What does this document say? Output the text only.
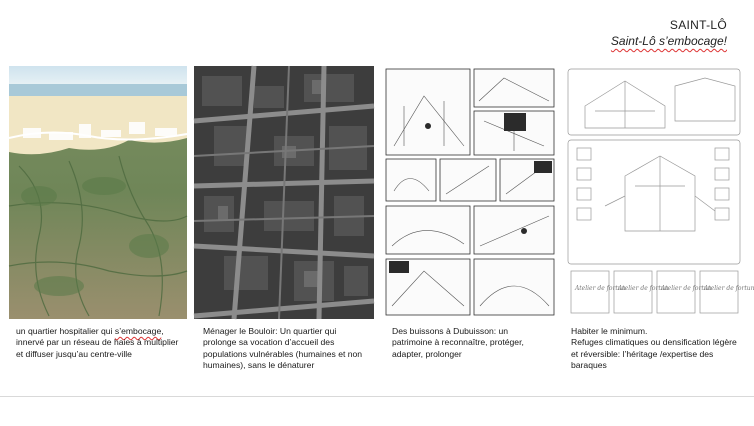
SAINT-LÔ
Saint-Lô s’embocage!
Atelier de fortun
Atelier de fortun
Atelier de fortun
Atelier de fortun
un quartier hospitalier qui s’embocage, innervé par un réseau de haies à multiplier et diffuser jusqu’au centre-ville
Ménager le Bouloir: Un quartier qui prolonge sa vocation d’accueil des populations vulnérables (humaines et non humaines), sans le dénaturer
Des buissons à Dubuisson: un patrimoine à reconnaître, protéger, adapter, prolonger
Habiter le minimum.
Refuges climatiques ou densification légère et réversible: l’héritage /expertise des baraques
